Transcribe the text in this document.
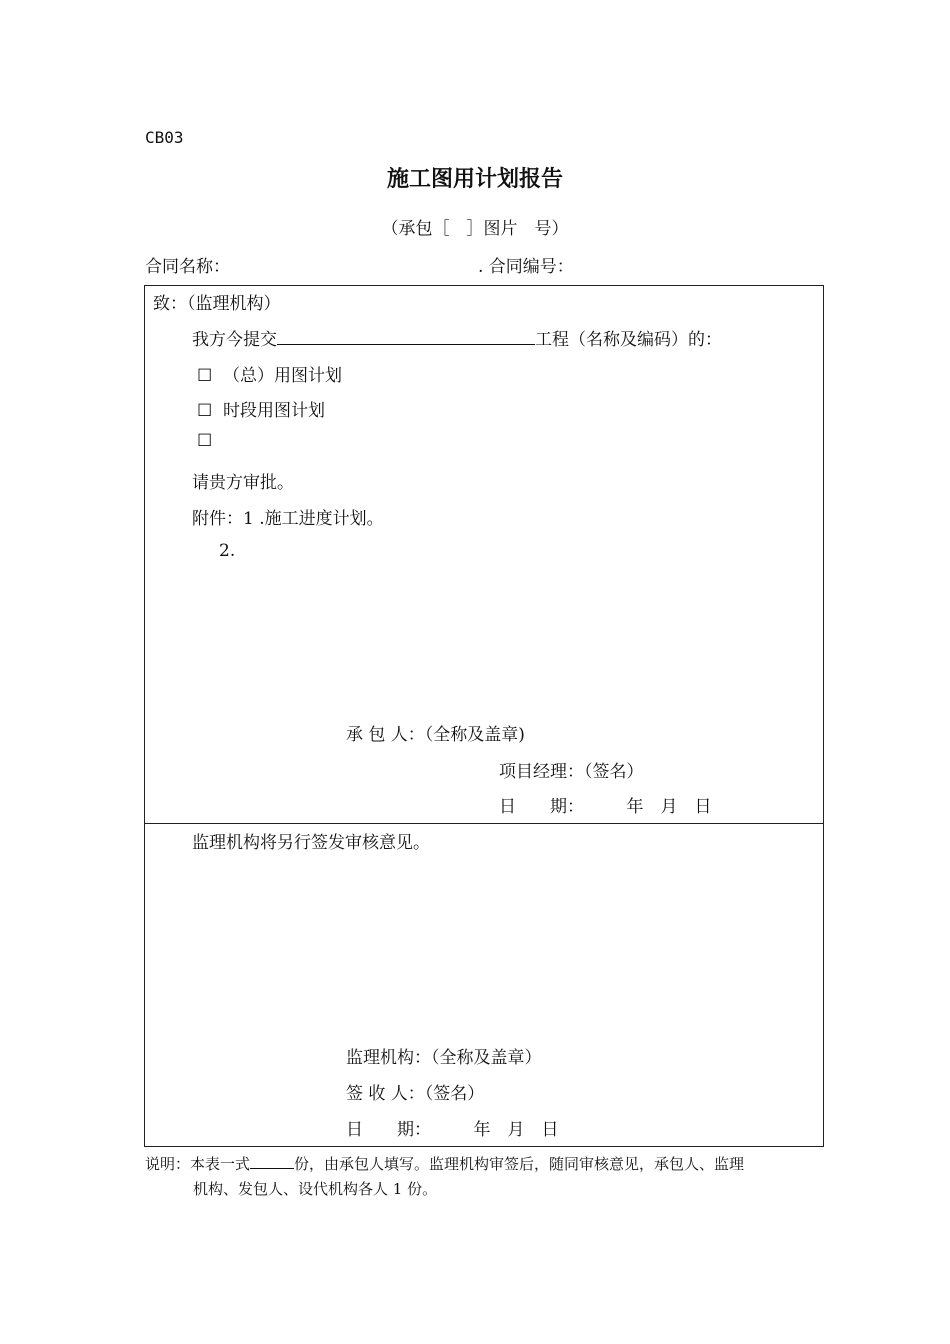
CB03
施工图用计划报告
（承包［　］图片　号）
合同名称：	. 合同编号：
致：（监理机构）
我方今提交	工程（名称及编码）的：
☐ （总）用图计划
☐ 时段用图计划
☐
请贵方审批。
附件：1 .施工进度计划。
2.
承 包 人：（全称及盖章)
项目经理：（签名）
日　　期：　　　年　月　日
监理机构将另行签发审核意见。
监理机构：（全称及盖章）
签 收 人：（签名）
日　　期：　　　年　月　日
说明：本表一式	份，由承包人填写。监理机构审签后，随同审核意见，承包人、监理
机构、发包人、设代机构各人 1 份。
